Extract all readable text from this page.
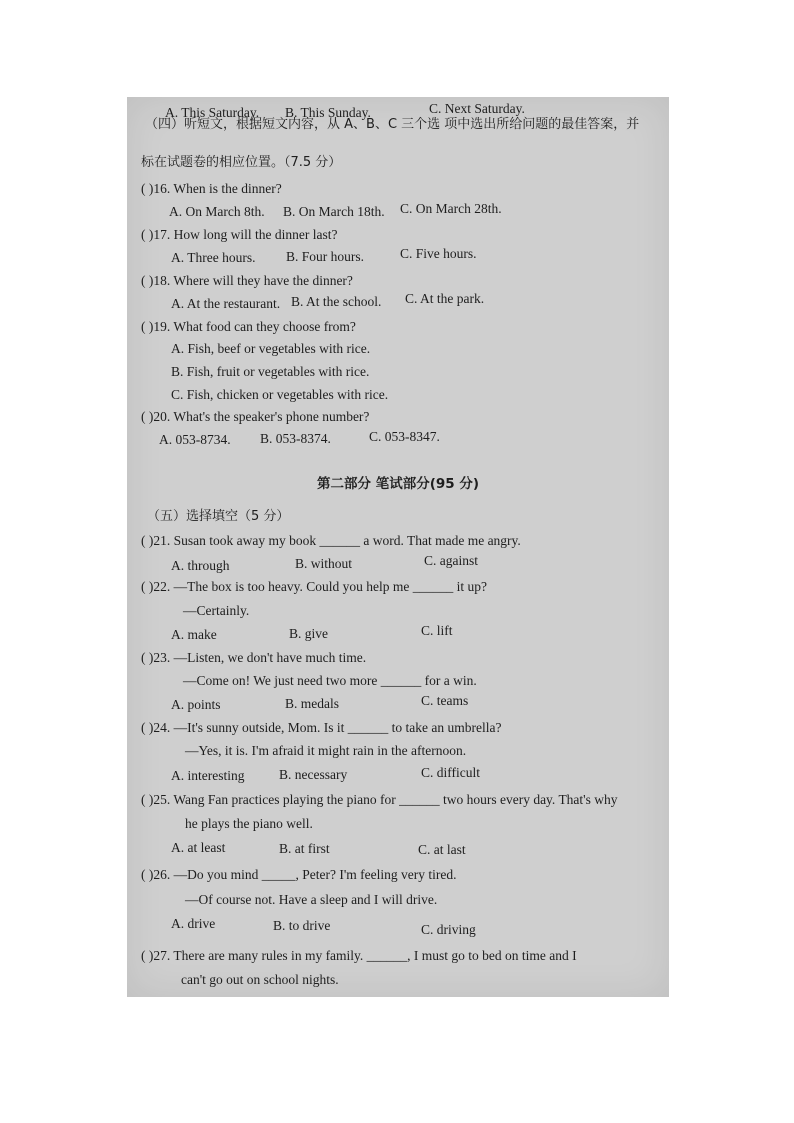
A. This Saturday. B. This Sunday.	C. Next Saturday.
（四）听短文，根据短文内容，从 A、B、C 三个选 项中选出所给问题的最佳答案，并
标在试题卷的相应位置。（7.5 分）
( )16. When is the dinner?
A. On March 8th. B. On March 18th. C. On March 28th.
( )17. How long will the dinner last?
A. Three hours. B. Four hours.	C. Five hours.
( )18. Where will they have the dinner?
A. At the restaurant. B. At the school. C. At the park.
( )19. What food can they choose from?
A. Fish, beef or vegetables with rice.
B. Fish, fruit or vegetables with rice.
C. Fish, chicken or vegetables with rice.
( )20. What's the speaker's phone number?
A. 053-8734. B. 053-8374.	C. 053-8347.
第二部分 笔试部分(95 分)
（五）选择填空（5 分）
( )21. Susan took away my book ______ a word. That made me angry.
A. through	B. without	C. against
( )22. —The box is too heavy. Could you help me ______ it up?
—Certainly.
A. make	B. give	C. lift
( )23. —Listen, we don't have much time.
—Come on! We just need two more ______ for a win.
A. points	B. medals	C. teams
( )24. —It's sunny outside, Mom. Is it ______ to take an umbrella?
—Yes, it is. I'm afraid it might rain in the afternoon.
A. interesting	B. necessary	C. difficult
( )25. Wang Fan practices playing the piano for ______ two hours every day. That's why
he plays the piano well.
A. at least	B. at first	C. at last
( )26. —Do you mind _____, Peter? I'm feeling very tired.
—Of course not. Have a sleep and I will drive.
A. drive	B. to drive	C. driving
( )27. There are many rules in my family. ______, I must go to bed on time and I
can't go out on school nights.
